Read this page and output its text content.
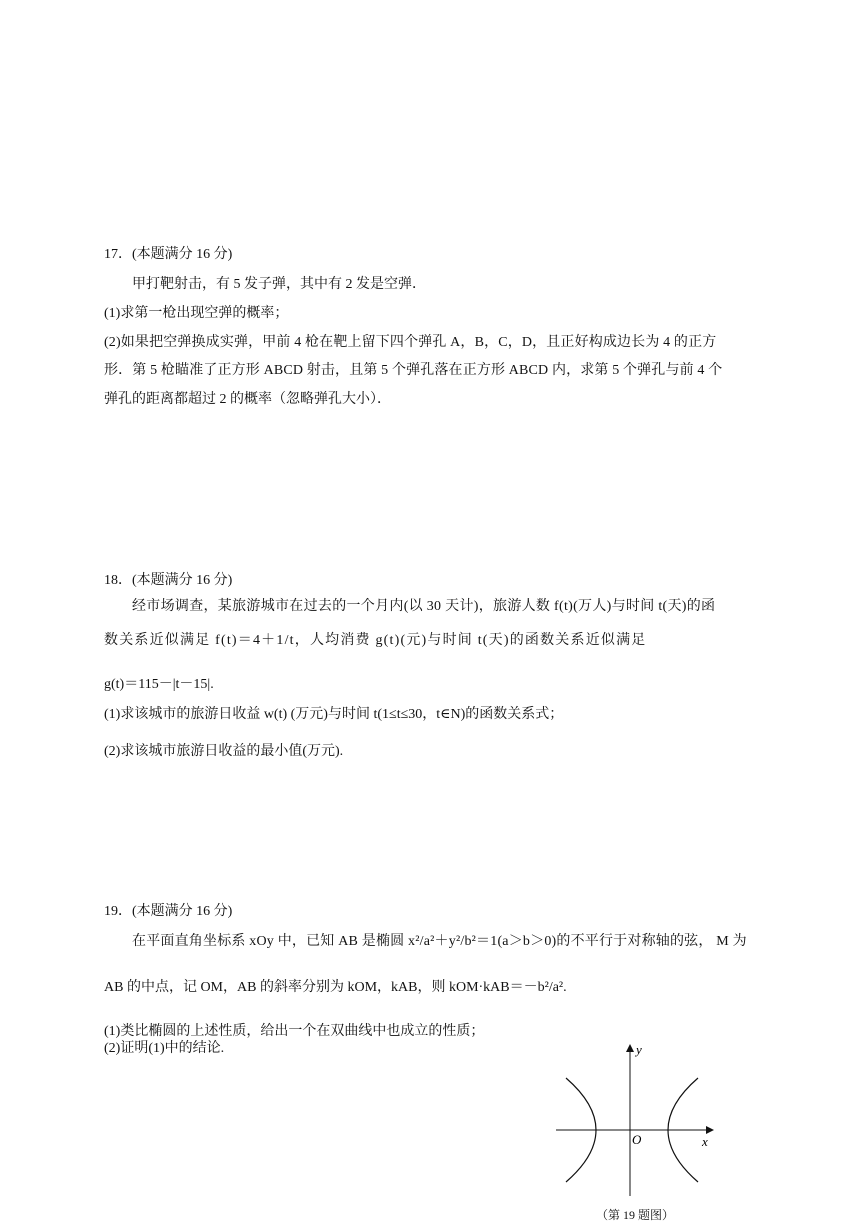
17．(本题满分 16 分)
甲打靶射击，有 5 发子弹，其中有 2 发是空弹．
(1)求第一枪出现空弹的概率；
(2)如果把空弹换成实弹，甲前 4 枪在靶上留下四个弹孔 A，B，C，D，且正好构成边长为 4 的正方
形．第 5 枪瞄准了正方形 ABCD 射击，且第 5 个弹孔落在正方形 ABCD 内，求第 5 个弹孔与前 4 个
弹孔的距离都超过 2 的概率（忽略弹孔大小）．
18．(本题满分 16 分)
经市场调查，某旅游城市在过去的一个月内(以 30 天计)，旅游人数 f(t)(万人)与时间 t(天)的函
数关系近似满足 f(t)＝4＋1/t，人均消费 g(t)(元)与时间 t(天)的函数关系近似满足
g(t)＝115－|t－15|.
(1)求该城市的旅游日收益 w(t) (万元)与时间 t(1≤t≤30，t∈N)的函数关系式；
(2)求该城市旅游日收益的最小值(万元).
19．(本题满分 16 分)
在平面直角坐标系 xOy 中，已知 AB 是椭圆 x²/a²＋y²/b²＝1(a＞b＞0)的不平行于对称轴的弦， M 为
AB 的中点，记 OM，AB 的斜率分别为 kOM，kAB，则 kOM·kAB＝－b²/a².
(1)类比椭圆的上述性质，给出一个在双曲线中也成立的性质；
(2)证明(1)中的结论.	y
x
O
（第 19 题图）
